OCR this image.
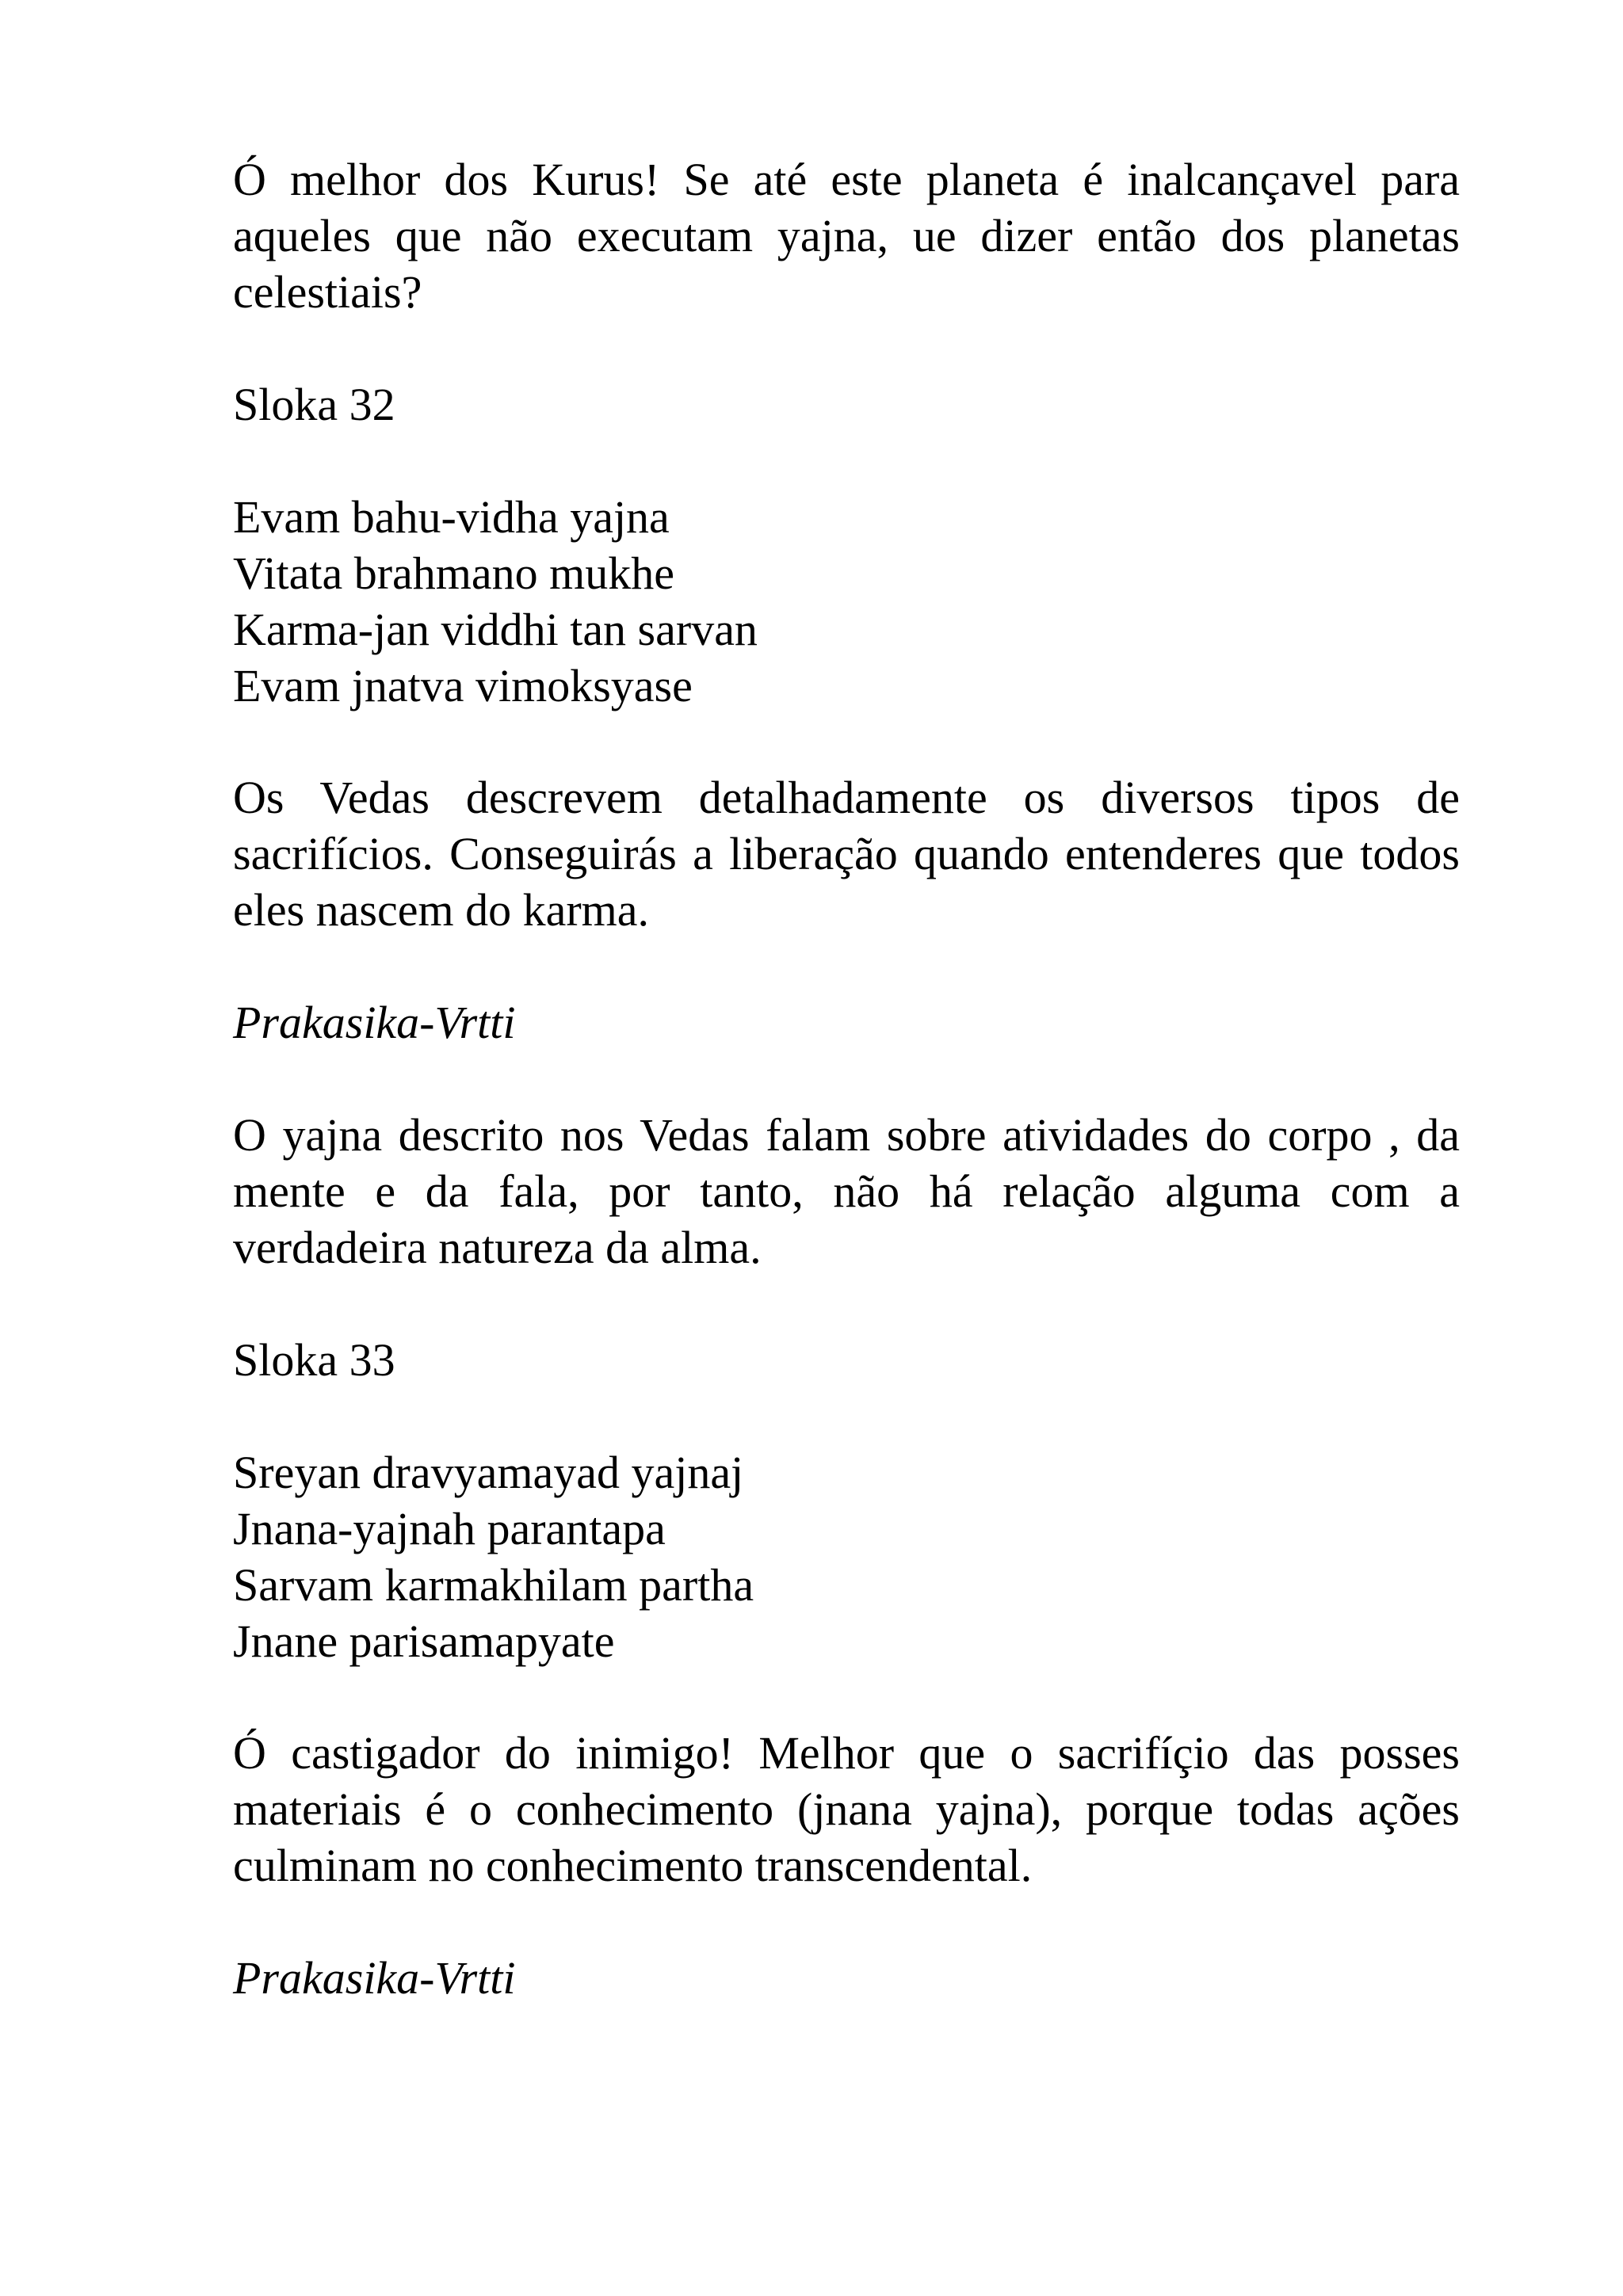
Ó melhor dos Kurus! Se até este planeta é inalcançavel para aqueles que não executam yajna, ue dizer então dos planetas celestiais?

Sloka 32

Evam bahu-vidha yajna
Vitata brahmano mukhe
Karma-jan viddhi tan sarvan
Evam jnatva vimoksyase

Os Vedas descrevem detalhadamente os diversos tipos de sacrifícios. Conseguirás a liberação quando entenderes que todos eles nascem do karma.

Prakasika-Vrtti

O yajna descrito nos Vedas falam sobre atividades do corpo , da mente e da fala, por tanto, não há relação alguma com a verdadeira natureza da alma.

Sloka 33

Sreyan dravyamayad yajnaj
Jnana-yajnah parantapa
Sarvam karmakhilam partha
Jnane parisamapyate

Ó castigador do inimigo! Melhor que o sacrifíçio das posses materiais é o conhecimento (jnana yajna), porque todas ações culminam no conhecimento transcendental.

Prakasika-Vrtti
